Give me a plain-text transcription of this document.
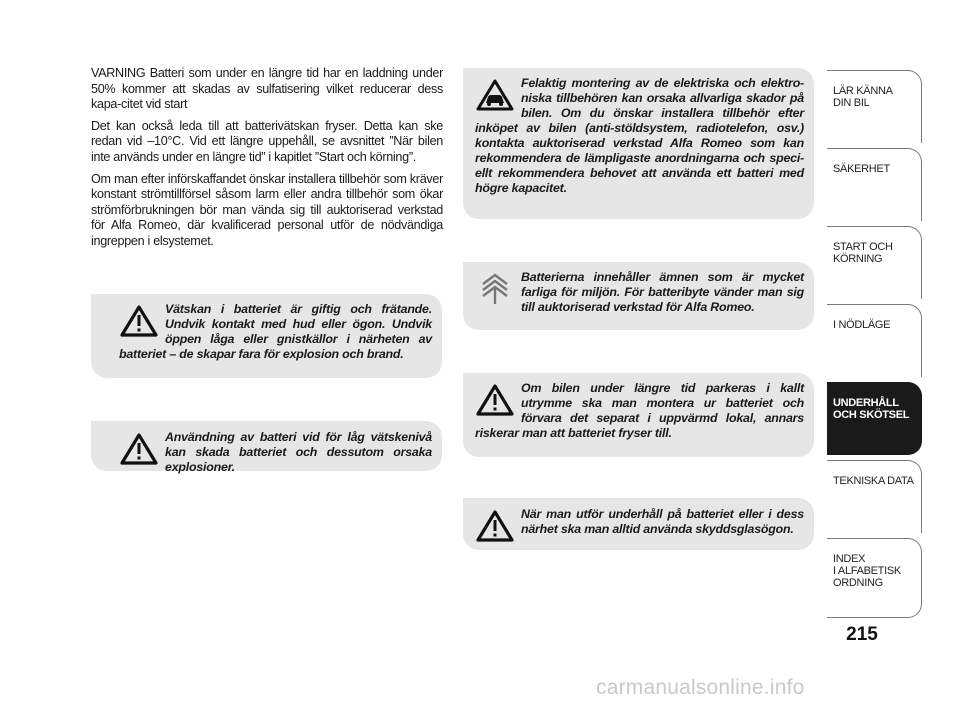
VARNING Batteri som under en längre tid har en laddning under 50% kommer att skadas av sulfatisering vilket reducerar dess kapa-citet vid start

Det kan också leda till att batterivätskan fryser. Detta kan ske redan vid –10°C. Vid ett längre uppehåll, se avsnittet ”När bilen inte används under en längre tid” i kapitlet ”Start och körning”.

Om man efter införskaffandet önskar installera tillbehör som kräver konstant strömtillförsel såsom larm eller andra tillbehör som ökar strömförbrukningen bör man vända sig till auktoriserad verkstad för Alfa Romeo, där kvalificerad personal utför de nödvändiga ingreppen i elsystemet.

Vätskan i batteriet är giftig och frätande. Undvik kontakt med hud eller ögon. Undvik öppen låga eller gnistkällor i närheten av batteriet – de skapar fara för explosion och brand.

Användning av batteri vid för låg vätskenivå kan skada batteriet och dessutom orsaka explosioner.

Felaktig montering av de elektriska och elektro-niska tillbehören kan orsaka allvarliga skador på bilen. Om du önskar installera tillbehör efter inköpet av bilen (anti-stöldsystem, radiotelefon, osv.) kontakta auktoriserad verkstad Alfa Romeo som kan rekommendera de lämpligaste anordningarna och speci-ellt rekommendera behovet att använda ett batteri med högre kapacitet.

Batterierna innehåller ämnen som är mycket farliga för miljön. För batteribyte vänder man sig till auktoriserad verkstad för Alfa Romeo.

Om bilen under längre tid parkeras i kallt utrymme ska man montera ur batteriet och förvara det separat i uppvärmd lokal, annars riskerar man att batteriet fryser till.

När man utför underhåll på batteriet eller i dess närhet ska man alltid använda skyddsglasögon.

LÄR KÄNNA
DIN BIL
SÄKERHET
START OCH
KÖRNING
I NÖDLÄGE
UNDERHÅLL
OCH SKÖTSEL
TEKNISKA DATA
INDEX
I ALFABETISK
ORDNING
215
carmanualsonline.info
